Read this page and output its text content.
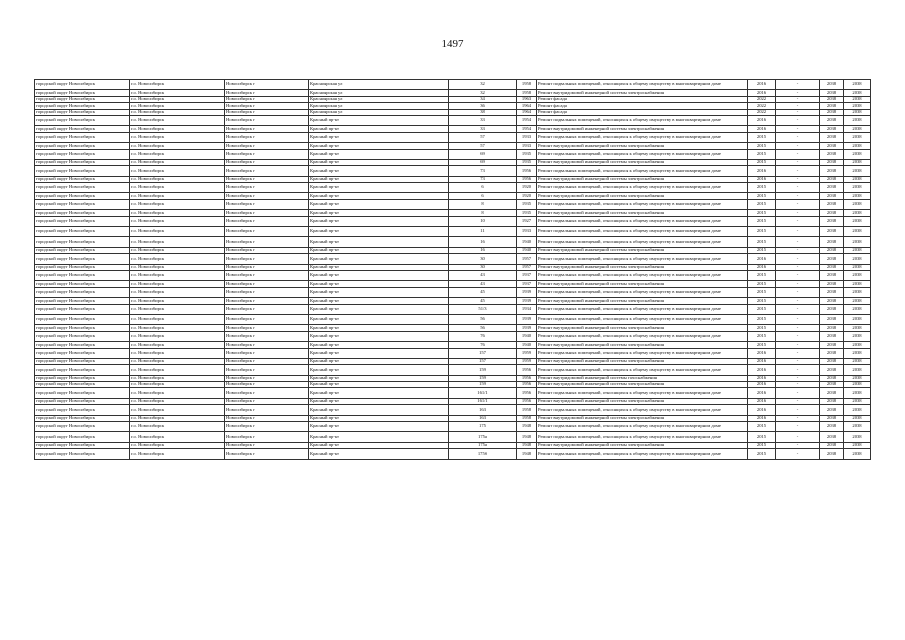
1497
городской округ Новосибирск	г.о. Новосибирск	Новосибирск г	Красноярская ул	32	1958	Ремонт подвальных помещений, относящихся к общему имуществу в многоквартирном доме	2016	-	2038	2038
городской округ Новосибирск	г.о. Новосибирск	Новосибирск г	Красноярская ул	32	1958	Ремонт внутридомовой инженерной системы электроснабжения	2016	-	2038	2038
городской округ Новосибирск	г.о. Новосибирск	Новосибирск г	Красноярская ул	34	1963	Ремонт фасада	2022	-	2038	2038
городской округ Новосибирск	г.о. Новосибирск	Новосибирск г	Красноярская ул	36	1964	Ремонт фасада	2022	-	2038	2038
городской округ Новосибирск	г.о. Новосибирск	Новосибирск г	Красноярская ул	38	1964	Ремонт фасада	2022	-	2038	2038
городской округ Новосибирск	г.о. Новосибирск	Новосибирск г	Красный пр-кт	33	1954	Ремонт подвальных помещений, относящихся к общему имуществу в многоквартирном доме	2016	-	2038	2038
городской округ Новосибирск	г.о. Новосибирск	Новосибирск г	Красный пр-кт	33	1954	Ремонт внутридомовой инженерной системы электроснабжения	2016	-	2038	2038
городской округ Новосибирск	г.о. Новосибирск	Новосибирск г	Красный пр-кт	57	1933	Ремонт подвальных помещений, относящихся к общему имуществу в многоквартирном доме	2015	-	2038	2038
городской округ Новосибирск	г.о. Новосибирск	Новосибирск г	Красный пр-кт	57	1933	Ремонт внутридомовой инженерной системы электроснабжения	2015	-	2038	2038
городской округ Новосибирск	г.о. Новосибирск	Новосибирск г	Красный пр-кт	69	1935	Ремонт подвальных помещений, относящихся к общему имуществу в многоквартирном доме	2015	-	2038	2038
городской округ Новосибирск	г.о. Новосибирск	Новосибирск г	Красный пр-кт	69	1935	Ремонт внутридомовой инженерной системы электроснабжения	2015	-	2038	2038
городской округ Новосибирск	г.о. Новосибирск	Новосибирск г	Красный пр-кт	73	1956	Ремонт подвальных помещений, относящихся к общему имуществу в многоквартирном доме	2016	-	2038	2038
городской округ Новосибирск	г.о. Новосибирск	Новосибирск г	Красный пр-кт	73	1956	Ремонт внутридомовой инженерной системы электроснабжения	2016	-	2038	2038
городской округ Новосибирск	г.о. Новосибирск	Новосибирск г	Красный пр-кт	6	1920	Ремонт подвальных помещений, относящихся к общему имуществу в многоквартирном доме	2015	-	2038	2038
городской округ Новосибирск	г.о. Новосибирск	Новосибирск г	Красный пр-кт	6	1920	Ремонт внутридомовой инженерной системы электроснабжения	2015	-	2038	2038
городской округ Новосибирск	г.о. Новосибирск	Новосибирск г	Красный пр-кт	8	1935	Ремонт подвальных помещений, относящихся к общему имуществу в многоквартирном доме	2015	-	2038	2038
городской округ Новосибирск	г.о. Новосибирск	Новосибирск г	Красный пр-кт	8	1935	Ремонт внутридомовой инженерной системы электроснабжения	2015	-	2038	2038
городской округ Новосибирск	г.о. Новосибирск	Новосибирск г	Красный пр-кт	10	1927	Ремонт подвальных помещений, относящихся к общему имуществу в многоквартирном доме	2015	-	2038	2038
городской округ Новосибирск	г.о. Новосибирск	Новосибирск г	Красный пр-кт	11	1933	Ремонт подвальных помещений, относящихся к общему имуществу в многоквартирном доме	2015	-	2038	2038
городской округ Новосибирск	г.о. Новосибирск	Новосибирск г	Красный пр-кт	16	1940	Ремонт подвальных помещений, относящихся к общему имуществу в многоквартирном доме	2015	-	2038	2038
городской округ Новосибирск	г.о. Новосибирск	Новосибирск г	Красный пр-кт	16	1940	Ремонт внутридомовой инженерной системы электроснабжения	2015	-	2038	2038
городской округ Новосибирск	г.о. Новосибирск	Новосибирск г	Красный пр-кт	30	1957	Ремонт подвальных помещений, относящихся к общему имуществу в многоквартирном доме	2016	-	2038	2038
городской округ Новосибирск	г.о. Новосибирск	Новосибирск г	Красный пр-кт	30	1957	Ремонт внутридомовой инженерной системы электроснабжения	2016	-	2038	2038
городской округ Новосибирск	г.о. Новосибирск	Новосибирск г	Красный пр-кт	43	1937	Ремонт подвальных помещений, относящихся к общему имуществу в многоквартирном доме	2015	-	2038	2038
городской округ Новосибирск	г.о. Новосибирск	Новосибирск г	Красный пр-кт	43	1937	Ремонт внутридомовой инженерной системы электроснабжения	2015	-	2038	2038
городской округ Новосибирск	г.о. Новосибирск	Новосибирск г	Красный пр-кт	45	1939	Ремонт подвальных помещений, относящихся к общему имуществу в многоквартирном доме	2015	-	2038	2038
городской округ Новосибирск	г.о. Новосибирск	Новосибирск г	Красный пр-кт	45	1939	Ремонт внутридомовой инженерной системы электроснабжения	2015	-	2038	2038
городской округ Новосибирск	г.о. Новосибирск	Новосибирск г	Красный пр-кт	51/3	1934	Ремонт подвальных помещений, относящихся к общему имуществу в многоквартирном доме	2015	-	2038	2038
городской округ Новосибирск	г.о. Новосибирск	Новосибирск г	Красный пр-кт	56	1939	Ремонт подвальных помещений, относящихся к общему имуществу в многоквартирном доме	2015	-	2038	2038
городской округ Новосибирск	г.о. Новосибирск	Новосибирск г	Красный пр-кт	56	1939	Ремонт внутридомовой инженерной системы электроснабжения	2015	-	2038	2038
городской округ Новосибирск	г.о. Новосибирск	Новосибирск г	Красный пр-кт	76	1940	Ремонт подвальных помещений, относящихся к общему имуществу в многоквартирном доме	2015	-	2038	2038
городской округ Новосибирск	г.о. Новосибирск	Новосибирск г	Красный пр-кт	76	1940	Ремонт внутридомовой инженерной системы электроснабжения	2015	-	2038	2038
городской округ Новосибирск	г.о. Новосибирск	Новосибирск г	Красный пр-кт	157	1959	Ремонт подвальных помещений, относящихся к общему имуществу в многоквартирном доме	2016	-	2038	2038
городской округ Новосибирск	г.о. Новосибирск	Новосибирск г	Красный пр-кт	157	1959	Ремонт внутридомовой инженерной системы электроснабжения	2016	-	2038	2038
городской округ Новосибирск	г.о. Новосибирск	Новосибирск г	Красный пр-кт	159	1956	Ремонт подвальных помещений, относящихся к общему имуществу в многоквартирном доме	2016	-	2038	2038
городской округ Новосибирск	г.о. Новосибирск	Новосибирск г	Красный пр-кт	159	1956	Ремонт внутридомовой инженерной системы газоснабжения	2016	-	2038	2038
городской округ Новосибирск	г.о. Новосибирск	Новосибирск г	Красный пр-кт	159	1956	Ремонт внутридомовой инженерной системы электроснабжения	2016	-	2038	2038
городской округ Новосибирск	г.о. Новосибирск	Новосибирск г	Красный пр-кт	161/1	1956	Ремонт подвальных помещений, относящихся к общему имуществу в многоквартирном доме	2016	-	2038	2038
городской округ Новосибирск	г.о. Новосибирск	Новосибирск г	Красный пр-кт	161/1	1956	Ремонт внутридомовой инженерной системы электроснабжения	2016	-	2038	2038
городской округ Новосибирск	г.о. Новосибирск	Новосибирск г	Красный пр-кт	163	1958	Ремонт подвальных помещений, относящихся к общему имуществу в многоквартирном доме	2016	-	2038	2038
городской округ Новосибирск	г.о. Новосибирск	Новосибирск г	Красный пр-кт	163	1958	Ремонт внутридомовой инженерной системы электроснабжения	2016	-	2038	2038
городской округ Новосибирск	г.о. Новосибирск	Новосибирск г	Красный пр-кт	175	1948	Ремонт подвальных помещений, относящихся к общему имуществу в многоквартирном доме	2015	-	2038	2038
городской округ Новосибирск	г.о. Новосибирск	Новосибирск г	Красный пр-кт	175а	1948	Ремонт подвальных помещений, относящихся к общему имуществу в многоквартирном доме	2015	-	2038	2038
городской округ Новосибирск	г.о. Новосибирск	Новосибирск г	Красный пр-кт	175а	1948	Ремонт внутридомовой инженерной системы электроснабжения	2015	-	2038	2038
городской округ Новосибирск	г.о. Новосибирск	Новосибирск г	Красный пр-кт	175б	1948	Ремонт подвальных помещений, относящихся к общему имуществу в многоквартирном доме	2015	-	2038	2038
